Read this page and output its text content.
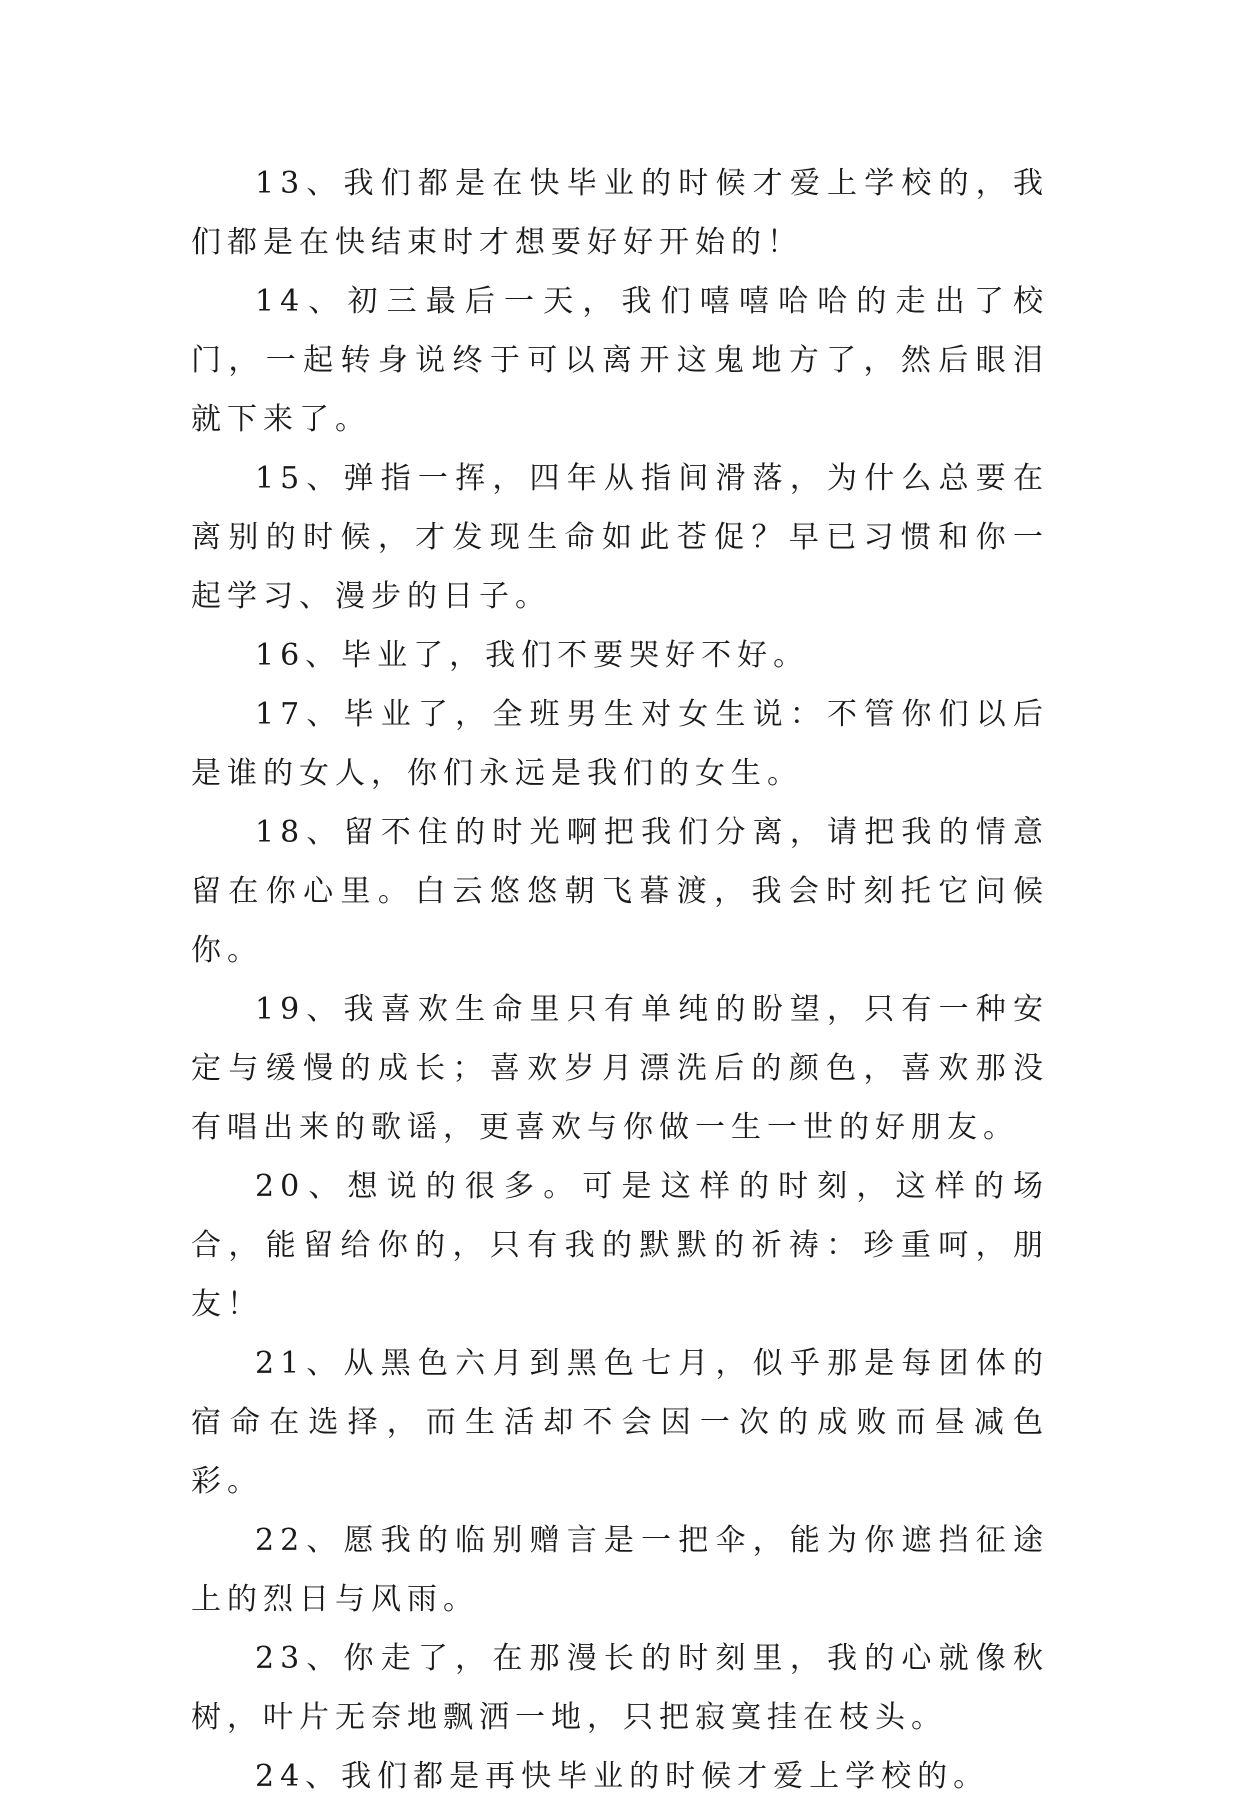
13、我们都是在快毕业的时候才爱上学校的，我们都是在快结束时才想要好好开始的！

14、初三最后一天，我们嘻嘻哈哈的走出了校门，一起转身说终于可以离开这鬼地方了，然后眼泪就下来了。

15、弹指一挥，四年从指间滑落，为什么总要在离别的时候，才发现生命如此苍促？早已习惯和你一起学习、漫步的日子。

16、毕业了，我们不要哭好不好。

17、毕业了，全班男生对女生说：不管你们以后是谁的女人，你们永远是我们的女生。

18、留不住的时光啊把我们分离，请把我的情意留在你心里。白云悠悠朝飞暮渡，我会时刻托它问候你。

19、我喜欢生命里只有单纯的盼望，只有一种安定与缓慢的成长；喜欢岁月漂洗后的颜色，喜欢那没有唱出来的歌谣，更喜欢与你做一生一世的好朋友。

20、想说的很多。可是这样的时刻，这样的场合，能留给你的，只有我的默默的祈祷：珍重呵，朋友！

21、从黑色六月到黑色七月，似乎那是每团体的宿命在选择，而生活却不会因一次的成败而昼减色彩。

22、愿我的临别赠言是一把伞，能为你遮挡征途上的烈日与风雨。

23、你走了，在那漫长的时刻里，我的心就像秋树，叶片无奈地飘洒一地，只把寂寞挂在枝头。

24、我们都是再快毕业的时候才爱上学校的。
